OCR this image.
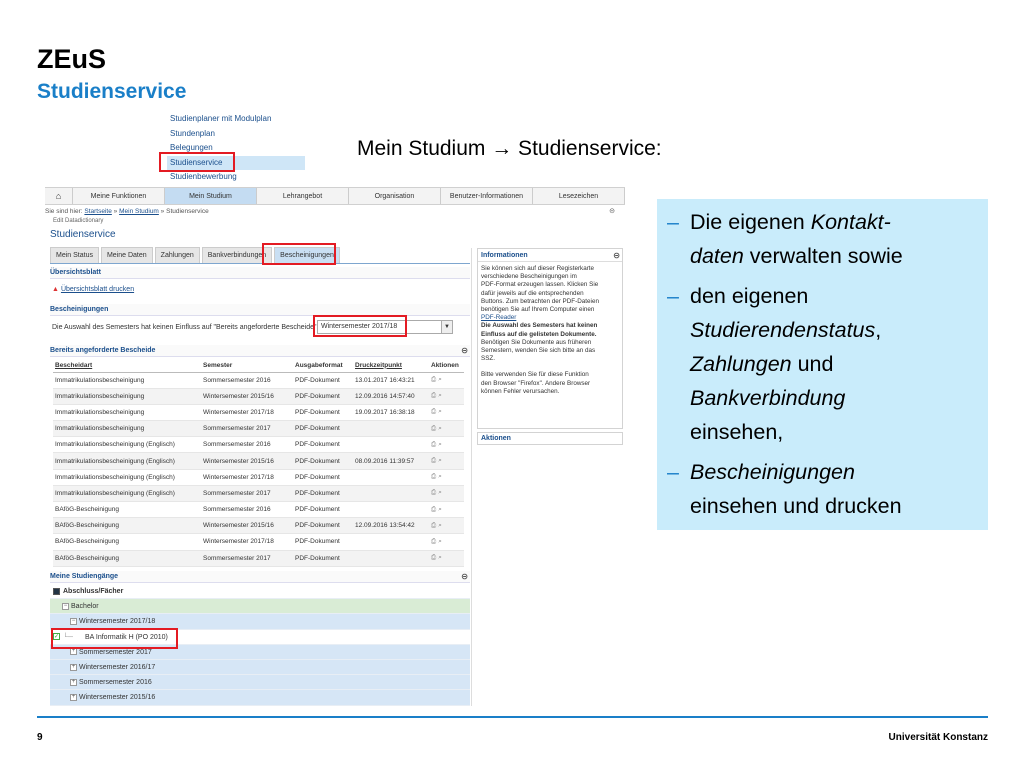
ZEuS
Studienservice
Studienplaner mit Modulplan
Stundenplan
Belegungen
Studienservice
Studienbewerbung
Mein Studium → Studienservice:
– Die eigenen Kontakt-
daten verwalten sowie
– den eigenen
Studierendenstatus,
Zahlungen und
Bankverbindung
einsehen,
– Bescheinigungen
einsehen und drucken
⌂	Meine Funktionen	Mein Studium	Lehrangebot	Organisation	Benutzer-Informationen	Lesezeichen
Sie sind hier: Startseite » Mein Studium » Studienservice	⊝
Edit Datadictionary
Studienservice
Mein Status	Meine Daten	Zahlungen	Bankverbindungen	Bescheinigungen
Übersichtsblatt
▲ Übersichtsblatt drucken
Bescheinigungen
Die Auswahl des Semesters hat keinen Einfluss auf "Bereits angeforderte Bescheide" Wintersemester 2017/18	▼
Bereits angeforderte Bescheide	⊝
Bescheidart	Semester	Ausgabeformat	Druckzeitpunkt	Aktionen
Immatrikulationsbescheinigung	Sommersemester 2016	PDF-Dokument	13.01.2017 16:43:21	⎙⌕
Immatrikulationsbescheinigung	Wintersemester 2015/16	PDF-Dokument	12.09.2016 14:57:40	⎙⌕
Immatrikulationsbescheinigung	Wintersemester 2017/18	PDF-Dokument	19.09.2017 16:38:18	⎙⌕
Immatrikulationsbescheinigung	Sommersemester 2017	PDF-Dokument		⎙⌕
Immatrikulationsbescheinigung (Englisch)	Sommersemester 2016	PDF-Dokument		⎙⌕
Immatrikulationsbescheinigung (Englisch)	Wintersemester 2015/16	PDF-Dokument	08.09.2016 11:39:57	⎙⌕
Immatrikulationsbescheinigung (Englisch)	Wintersemester 2017/18	PDF-Dokument		⎙⌕
Immatrikulationsbescheinigung (Englisch)	Sommersemester 2017	PDF-Dokument		⎙⌕
BAföG-Bescheinigung	Sommersemester 2016	PDF-Dokument		⎙⌕
BAföG-Bescheinigung	Wintersemester 2015/16	PDF-Dokument	12.09.2016 13:54:42	⎙⌕
BAföG-Bescheinigung	Wintersemester 2017/18	PDF-Dokument		⎙⌕
BAföG-Bescheinigung	Sommersemester 2017	PDF-Dokument		⎙⌕
Meine Studiengänge	⊝
Abschluss/Fächer
− Bachelor
− Wintersemester 2017/18
✓ └─ BA Informatik H (PO 2010)
+ Sommersemester 2017
+ Wintersemester 2016/17
+ Sommersemester 2016
+ Wintersemester 2015/16
Informationen	⊝
Sie können sich auf dieser Registerkarte
verschiedene Bescheinigungen im
PDF-Format erzeugen lassen. Klicken Sie
dafür jeweils auf die entsprechenden
Buttons. Zum betrachten der PDF-Dateien
benötigen Sie auf Ihrem Computer einen
PDF-Reader
Die Auswahl des Semesters hat keinen
Einfluss auf die gelisteten Dokumente.
Benötigen Sie Dokumente aus früheren
Semestern, wenden Sie sich bitte an das
SSZ.
Bitte verwenden Sie für diese Funktion
den Browser "Firefox". Andere Browser
können Fehler verursachen.
Aktionen
9	Universität Konstanz
